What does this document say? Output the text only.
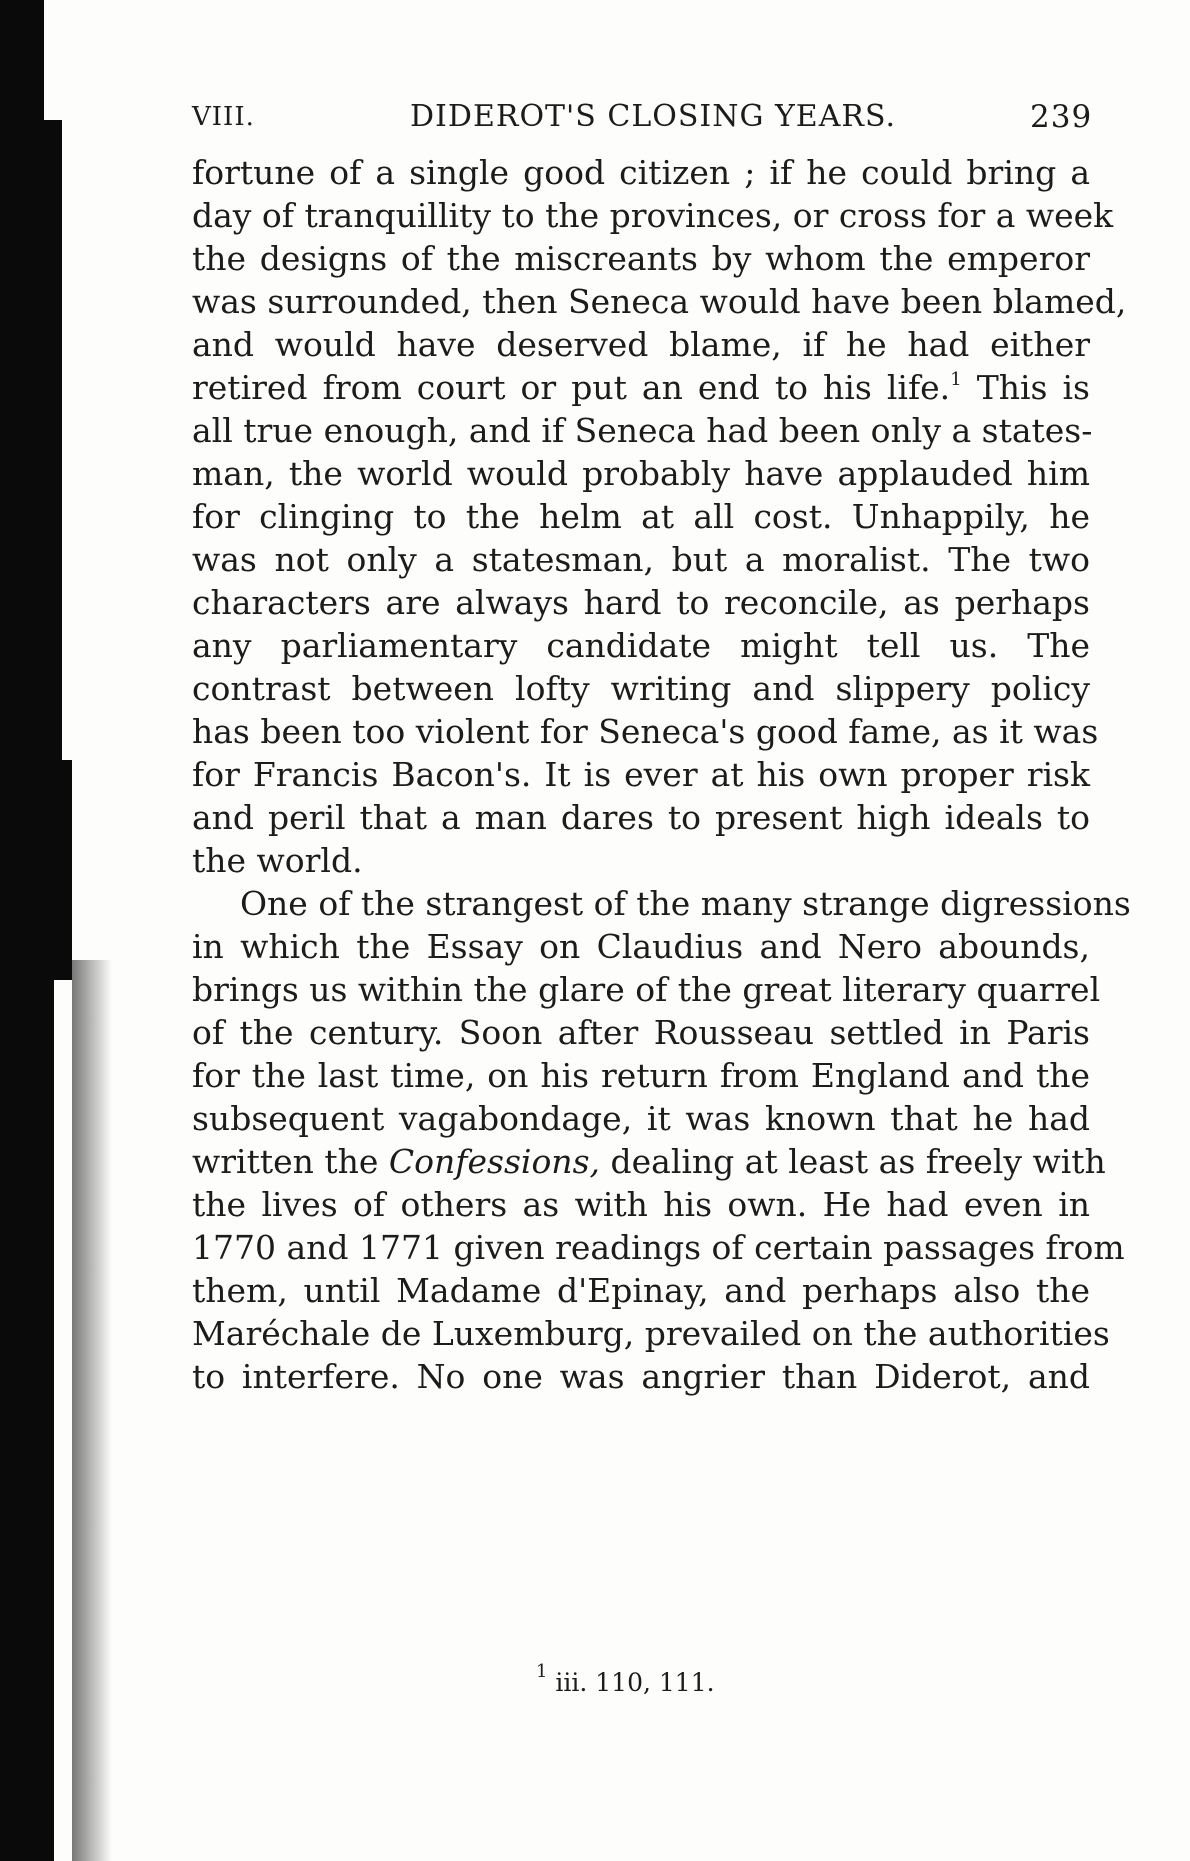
VIII.	DIDEROT'S CLOSING YEARS.	239
fortune of a single good citizen ; if he could bring a
day of tranquillity to the provinces, or cross for a week
the designs of the miscreants by whom the emperor
was surrounded, then Seneca would have been blamed,
and would have deserved blame, if he had either
retired from court or put an end to his life.$^1$ This is
all true enough, and if Seneca had been only a states-
man, the world would probably have applauded him
for clinging to the helm at all cost. Unhappily, he
was not only a statesman, but a moralist. The two
characters are always hard to reconcile, as perhaps
any parliamentary candidate might tell us. The
contrast between lofty writing and slippery policy
has been too violent for Seneca's good fame, as it was
for Francis Bacon's. It is ever at his own proper risk
and peril that a man dares to present high ideals to
the world.
One of the strangest of the many strange digressions
in which the Essay on Claudius and Nero abounds,
brings us within the glare of the great literary quarrel
of the century. Soon after Rousseau settled in Paris
for the last time, on his return from England and the
subsequent vagabondage, it was known that he had
written the Confessions, dealing at least as freely with
the lives of others as with his own. He had even in
1770 and 1771 given readings of certain passages from
them, until Madame d'Epinay, and perhaps also the
Maréchale de Luxemburg, prevailed on the authorities
to interfere. No one was angrier than Diderot, and
$^1$ iii. 110, 111.
